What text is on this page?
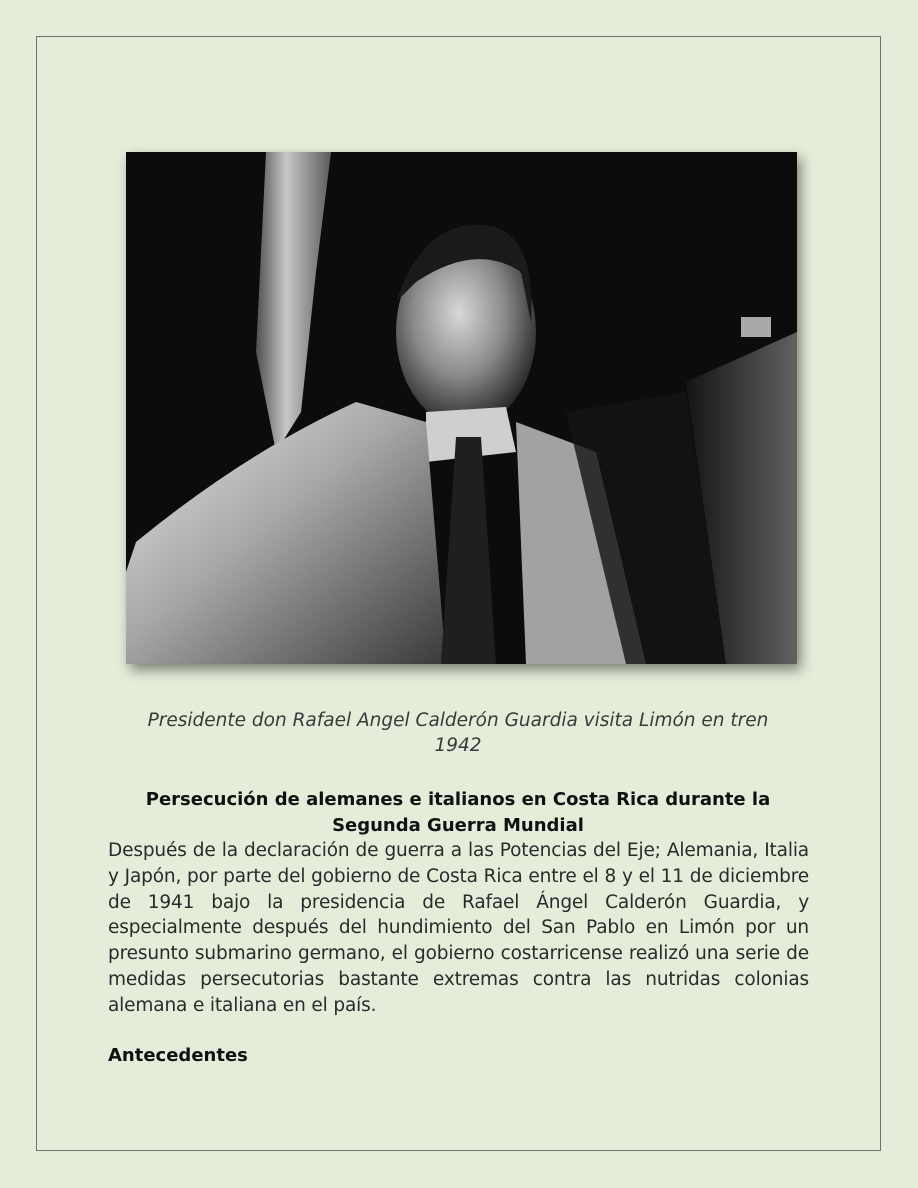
Presidente don Rafael Angel Calderón Guardia visita Limón en tren
1942
Persecución de alemanes e italianos en Costa Rica durante la
Segunda Guerra Mundial
Después de la declaración de guerra a las Potencias del Eje; Alemania, Italia y Japón, por parte del gobierno de Costa Rica entre el 8 y el 11 de diciembre de 1941 bajo la presidencia de Rafael Ángel Calderón Guardia, y especialmente después del hundimiento del San Pablo en Limón por un presunto submarino germano, el gobierno costarricense realizó una serie de medidas persecutorias bastante extremas contra las nutridas colonias alemana e italiana en el país.
Antecedentes
